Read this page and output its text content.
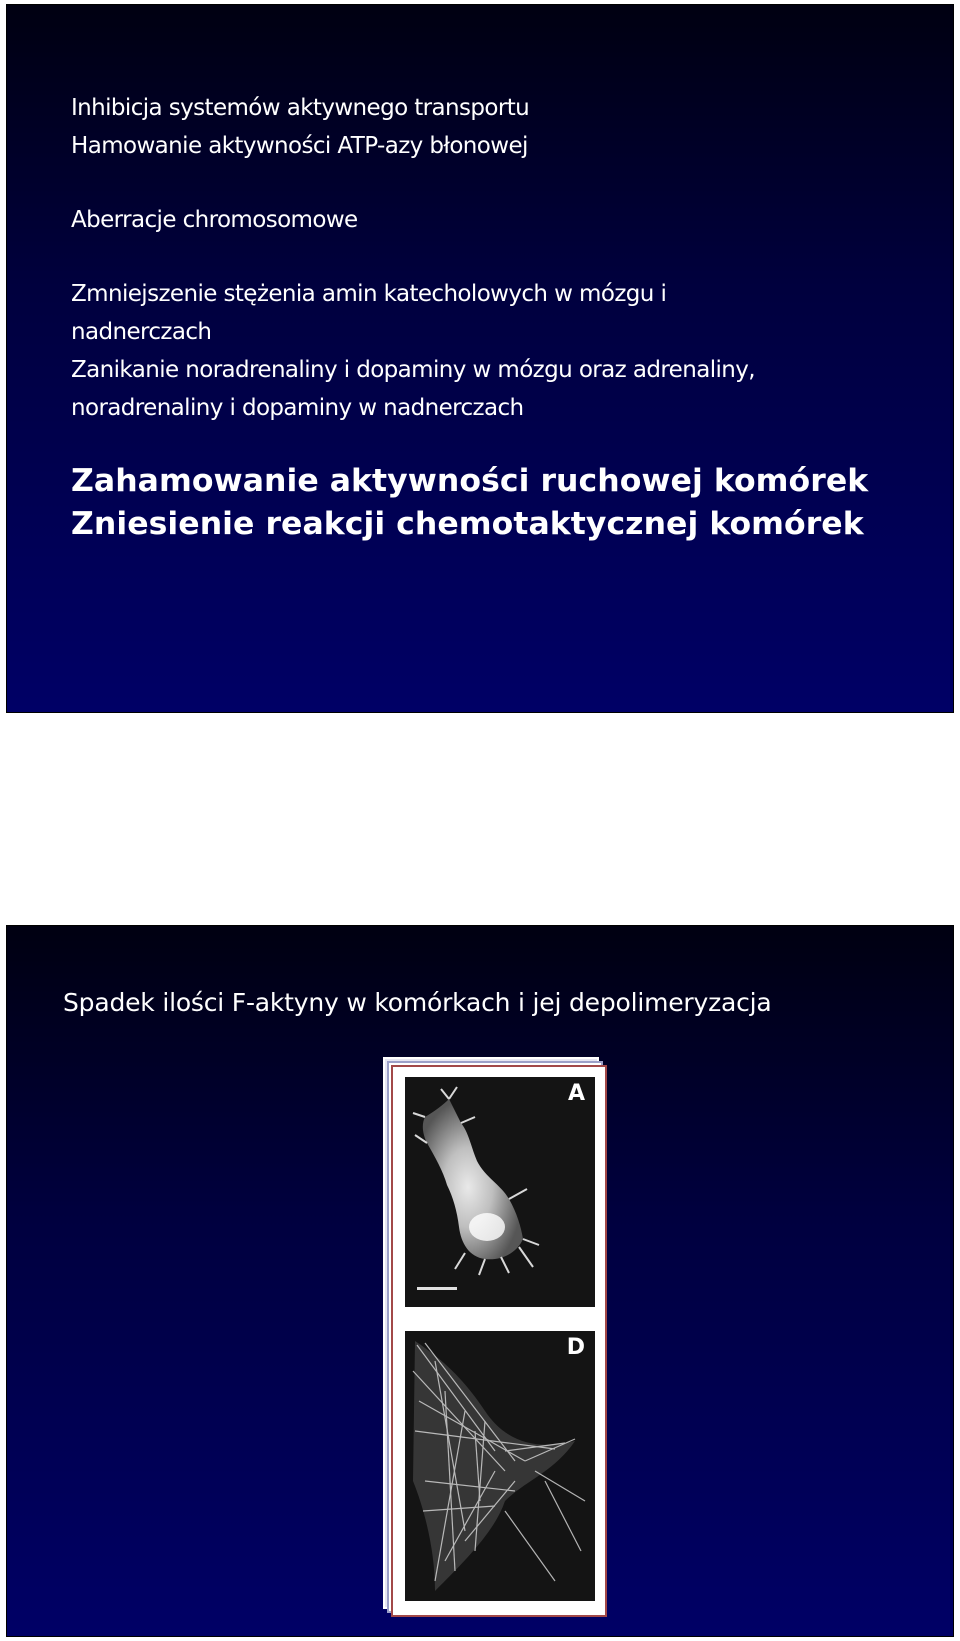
Inhibicja systemów aktywnego transportu
Hamowanie aktywności ATP-azy błonowej

Aberracje chromosomowe

Zmniejszenie stężenia amin katecholowych w mózgu i
nadnerczach
Zanikanie noradrenaliny i dopaminy w mózgu oraz adrenaliny,
noradrenaliny i dopaminy w nadnerczach

Zahamowanie aktywności ruchowej komórek
Zniesienie reakcji chemotaktycznej komórek

Spadek ilości F-aktyny w komórkach i jej depolimeryzacja
A
D
